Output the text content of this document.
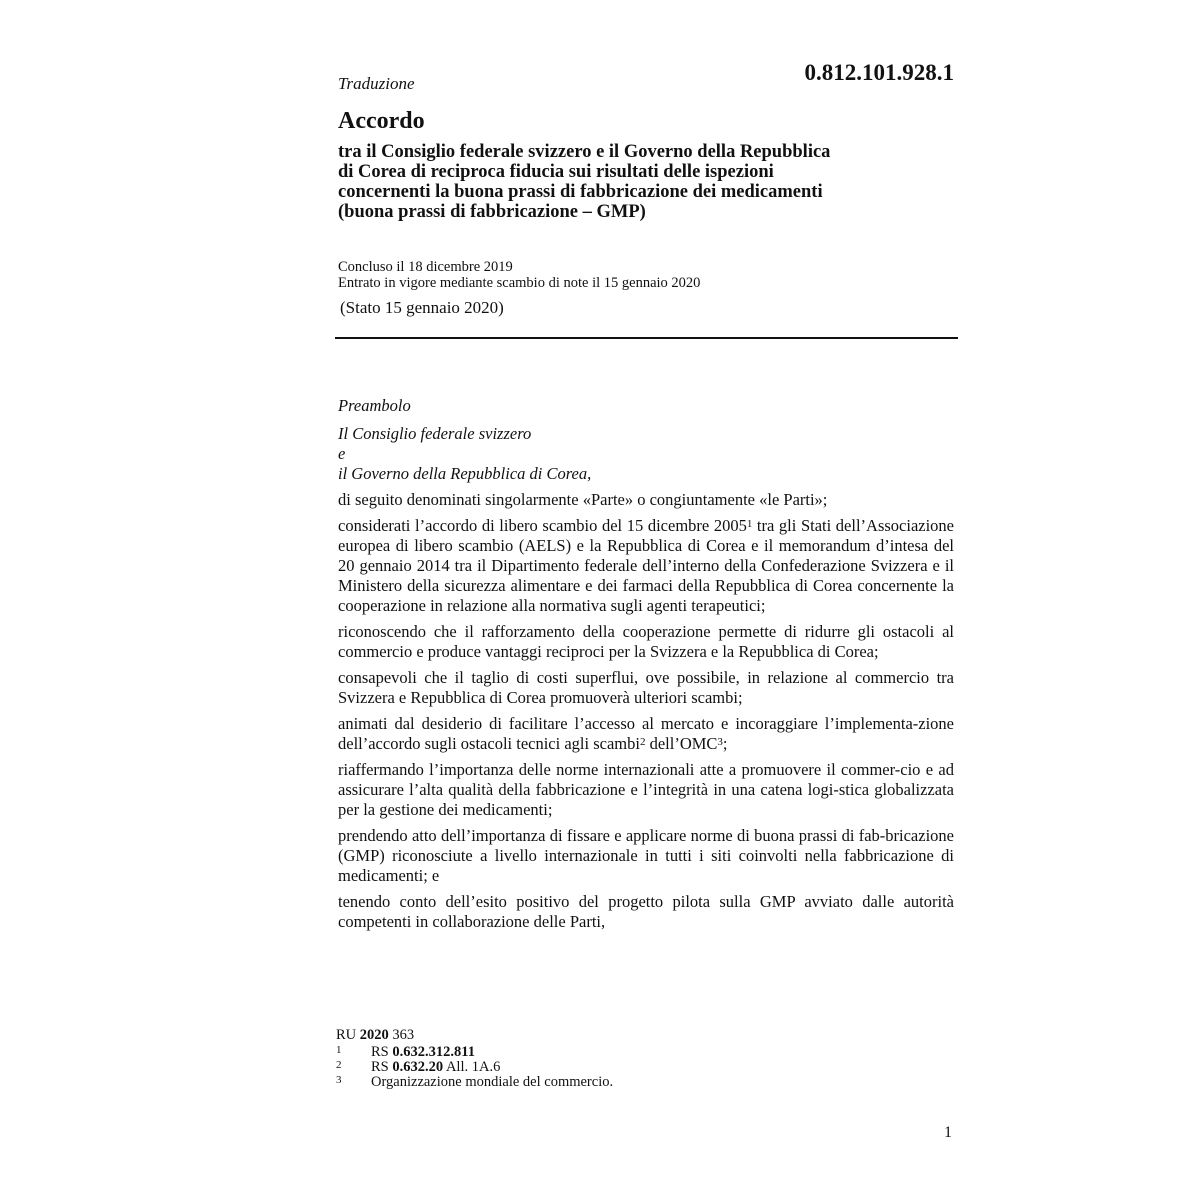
Traduzione	0.812.101.928.1
Accordo
tra il Consiglio federale svizzero e il Governo della Repubblica
di Corea di reciproca fiducia sui risultati delle ispezioni
concernenti la buona prassi di fabbricazione dei medicamenti
(buona prassi di fabbricazione – GMP)
Concluso il 18 dicembre 2019
Entrato in vigore mediante scambio di note il 15 gennaio 2020
(Stato 15 gennaio 2020)
Preambolo
Il Consiglio federale svizzero
e
il Governo della Repubblica di Corea,

di seguito denominati singolarmente «Parte» o congiuntamente «le Parti»;

considerati l’accordo di libero scambio del 15 dicembre 2005$^1$ tra gli Stati dell’Associazione europea di libero scambio (AELS) e la Repubblica di Corea e il memorandum d’intesa del 20 gennaio 2014 tra il Dipartimento federale dell’interno della Confederazione Svizzera e il Ministero della sicurezza alimentare e dei farmaci della Repubblica di Corea concernente la cooperazione in relazione alla normativa sugli agenti terapeutici;

riconoscendo che il rafforzamento della cooperazione permette di ridurre gli ostacoli al commercio e produce vantaggi reciproci per la Svizzera e la Repubblica di Corea;

consapevoli che il taglio di costi superflui, ove possibile, in relazione al commercio tra Svizzera e Repubblica di Corea promuoverà ulteriori scambi;

animati dal desiderio di facilitare l’accesso al mercato e incoraggiare l’implementa-zione dell’accordo sugli ostacoli tecnici agli scambi$^2$ dell’OMC$^3$;

riaffermando l’importanza delle norme internazionali atte a promuovere il commer-cio e ad assicurare l’alta qualità della fabbricazione e l’integrità in una catena logi-stica globalizzata per la gestione dei medicamenti;

prendendo atto dell’importanza di fissare e applicare norme di buona prassi di fab-bricazione (GMP) riconosciute a livello internazionale in tutti i siti coinvolti nella fabbricazione di medicamenti; e

tenendo conto dell’esito positivo del progetto pilota sulla GMP avviato dalle autorità competenti in collaborazione delle Parti,

RU 2020 363
1	RS 0.632.312.811
2	RS 0.632.20 All. 1A.6
3	Organizzazione mondiale del commercio.
1
